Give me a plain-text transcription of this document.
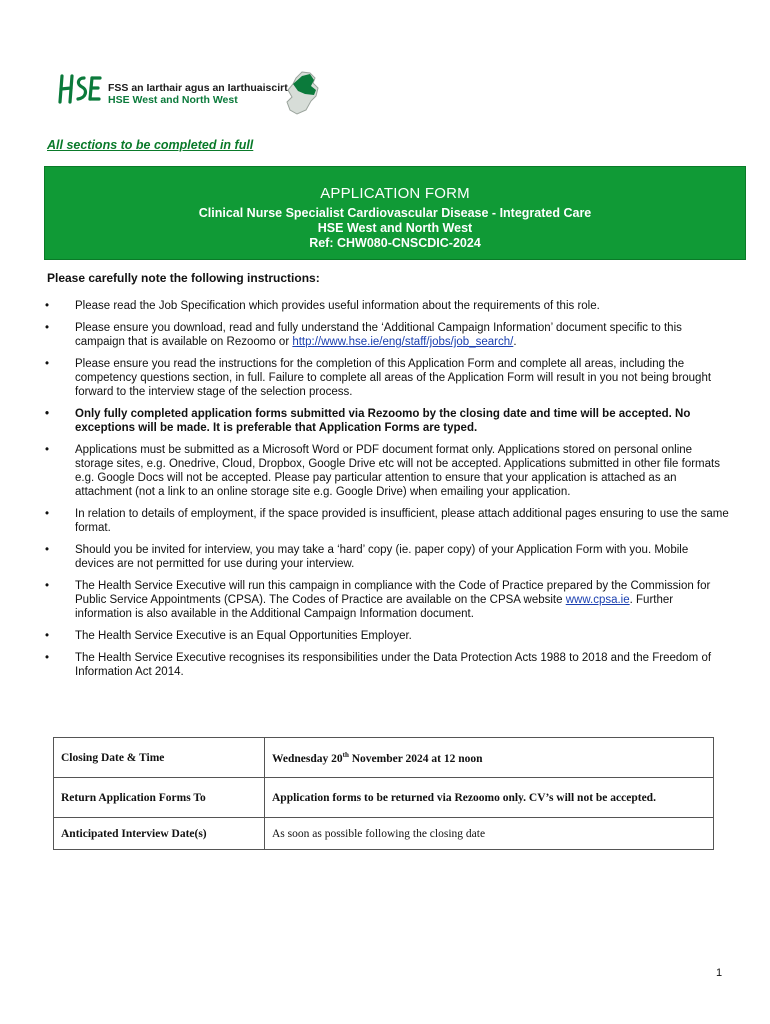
FSS an Iarthair agus an Iarthuaiscirt
HSE West and North West
All sections to be completed in full
APPLICATION FORM
Clinical Nurse Specialist Cardiovascular Disease - Integrated Care
HSE West and North West
Ref: CHW080-CNSCDIC-2024
Please carefully note the following instructions:
• Please read the Job Specification which provides useful information about the requirements of this role.
• Please ensure you download, read and fully understand the ‘Additional Campaign Information’ document specific to this campaign that is available on Rezoomo or http://www.hse.ie/eng/staff/jobs/job_search/.
• Please ensure you read the instructions for the completion of this Application Form and complete all areas, including the competency questions section, in full. Failure to complete all areas of the Application Form will result in you not being brought forward to the interview stage of the selection process.
• Only fully completed application forms submitted via Rezoomo by the closing date and time will be accepted. No exceptions will be made. It is preferable that Application Forms are typed.
• Applications must be submitted as a Microsoft Word or PDF document format only. Applications stored on personal online storage sites, e.g. Onedrive, Cloud, Dropbox, Google Drive etc will not be accepted. Applications submitted in other file formats e.g. Google Docs will not be accepted. Please pay particular attention to ensure that your application is attached as an attachment (not a link to an online storage site e.g. Google Drive) when emailing your application.
• In relation to details of employment, if the space provided is insufficient, please attach additional pages ensuring to use the same format.
• Should you be invited for interview, you may take a ‘hard’ copy (ie. paper copy) of your Application Form with you. Mobile devices are not permitted for use during your interview.
• The Health Service Executive will run this campaign in compliance with the Code of Practice prepared by the Commission for Public Service Appointments (CPSA). The Codes of Practice are available on the CPSA website www.cpsa.ie. Further information is also available in the Additional Campaign Information document.
• The Health Service Executive is an Equal Opportunities Employer.
• The Health Service Executive recognises its responsibilities under the Data Protection Acts 1988 to 2018 and the Freedom of Information Act 2014.
Closing Date & Time	Wednesday 20th November 2024 at 12 noon
Return Application Forms To	Application forms to be returned via Rezoomo only. CV’s will not be accepted.
Anticipated Interview Date(s)	As soon as possible following the closing date
1
